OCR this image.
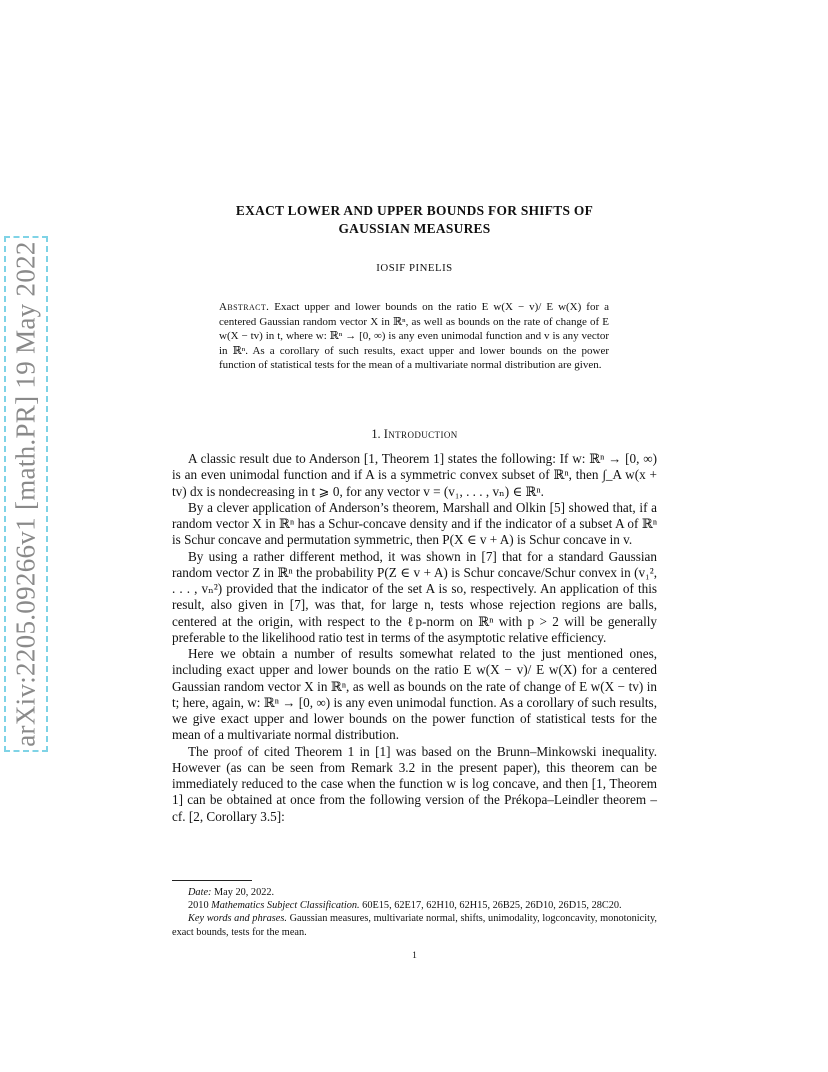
arXiv:2205.09266v1 [math.PR] 19 May 2022
EXACT LOWER AND UPPER BOUNDS FOR SHIFTS OF
GAUSSIAN MEASURES
IOSIF PINELIS

Abstract. Exact upper and lower bounds on the ratio E w(X − v)/ E w(X) for a centered Gaussian random vector X in ℝⁿ, as well as bounds on the rate of change of E w(X − tv) in t, where w: ℝⁿ → [0, ∞) is any even unimodal function and v is any vector in ℝⁿ. As a corollary of such results, exact upper and lower bounds on the power function of statistical tests for the mean of a multivariate normal distribution are given.

1. Introduction

A classic result due to Anderson [1, Theorem 1] states the following: If w: ℝⁿ → [0, ∞) is an even unimodal function and if A is a symmetric convex subset of ℝⁿ, then ∫_A w(x + tv) dx is nondecreasing in t ⩾ 0, for any vector v = (v₁, . . . , vₙ) ∈ ℝⁿ.

By a clever application of Anderson’s theorem, Marshall and Olkin [5] showed that, if a random vector X in ℝⁿ has a Schur-concave density and if the indicator of a subset A of ℝⁿ is Schur concave and permutation symmetric, then P(X ∈ v + A) is Schur concave in v.

By using a rather different method, it was shown in [7] that for a standard Gaussian random vector Z in ℝⁿ the probability P(Z ∈ v + A) is Schur concave/Schur convex in (v₁², . . . , vₙ²) provided that the indicator of the set A is so, respectively. An application of this result, also given in [7], was that, for large n, tests whose rejection regions are balls, centered at the origin, with respect to the ℓp-norm on ℝⁿ with p > 2 will be generally preferable to the likelihood ratio test in terms of the asymptotic relative efficiency.

Here we obtain a number of results somewhat related to the just mentioned ones, including exact upper and lower bounds on the ratio E w(X − v)/ E w(X) for a centered Gaussian random vector X in ℝⁿ, as well as bounds on the rate of change of E w(X − tv) in t; here, again, w: ℝⁿ → [0, ∞) is any even unimodal function. As a corollary of such results, we give exact upper and lower bounds on the power function of statistical tests for the mean of a multivariate normal distribution.

The proof of cited Theorem 1 in [1] was based on the Brunn–Minkowski inequality. However (as can be seen from Remark 3.2 in the present paper), this theorem can be immediately reduced to the case when the function w is log concave, and then [1, Theorem 1] can be obtained at once from the following version of the Prékopa–Leindler theorem – cf. [2, Corollary 3.5]:

Date: May 20, 2022.

2010 Mathematics Subject Classification. 60E15, 62E17, 62H10, 62H15, 26B25, 26D10, 26D15, 28C20.

Key words and phrases. Gaussian measures, multivariate normal, shifts, unimodality, logconcavity, monotonicity, exact bounds, tests for the mean.

1
